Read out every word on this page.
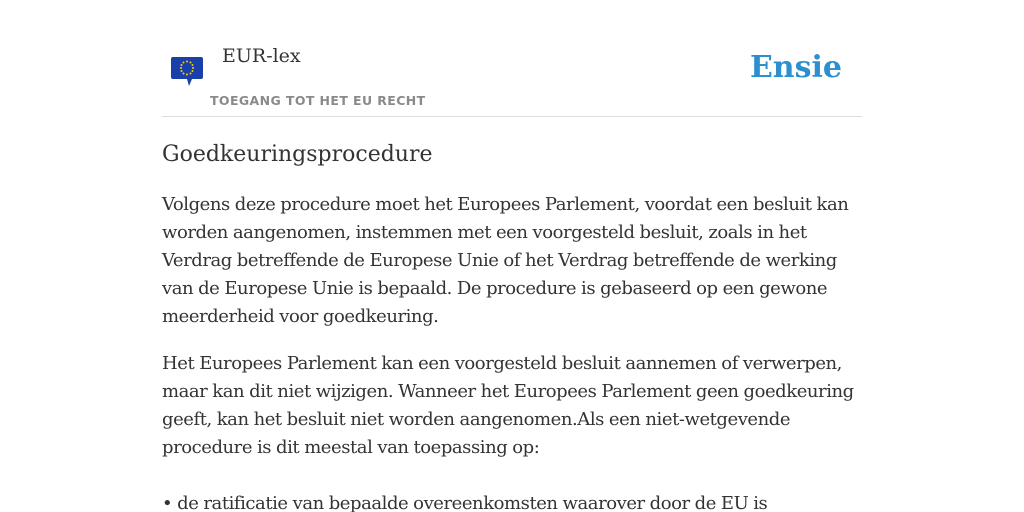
EUR-lex
TOEGANG TOT HET EU RECHT
Ensie
Goedkeuringsprocedure

Volgens deze procedure moet het Europees Parlement, voordat een besluit kan worden aangenomen, instemmen met een voorgesteld besluit, zoals in het Verdrag betreffende de Europese Unie of het Verdrag betreffende de werking van de Europese Unie is bepaald. De procedure is gebaseerd op een gewone meerderheid voor goedkeuring.

Het Europees Parlement kan een voorgesteld besluit aannemen of verwerpen, maar kan dit niet wijzigen. Wanneer het Europees Parlement geen goedkeuring geeft, kan het besluit niet worden aangenomen.Als een niet-wetgevende procedure is dit meestal van toepassing op:

• de ratificatie van bepaalde overeenkomsten waarover door de EU is
